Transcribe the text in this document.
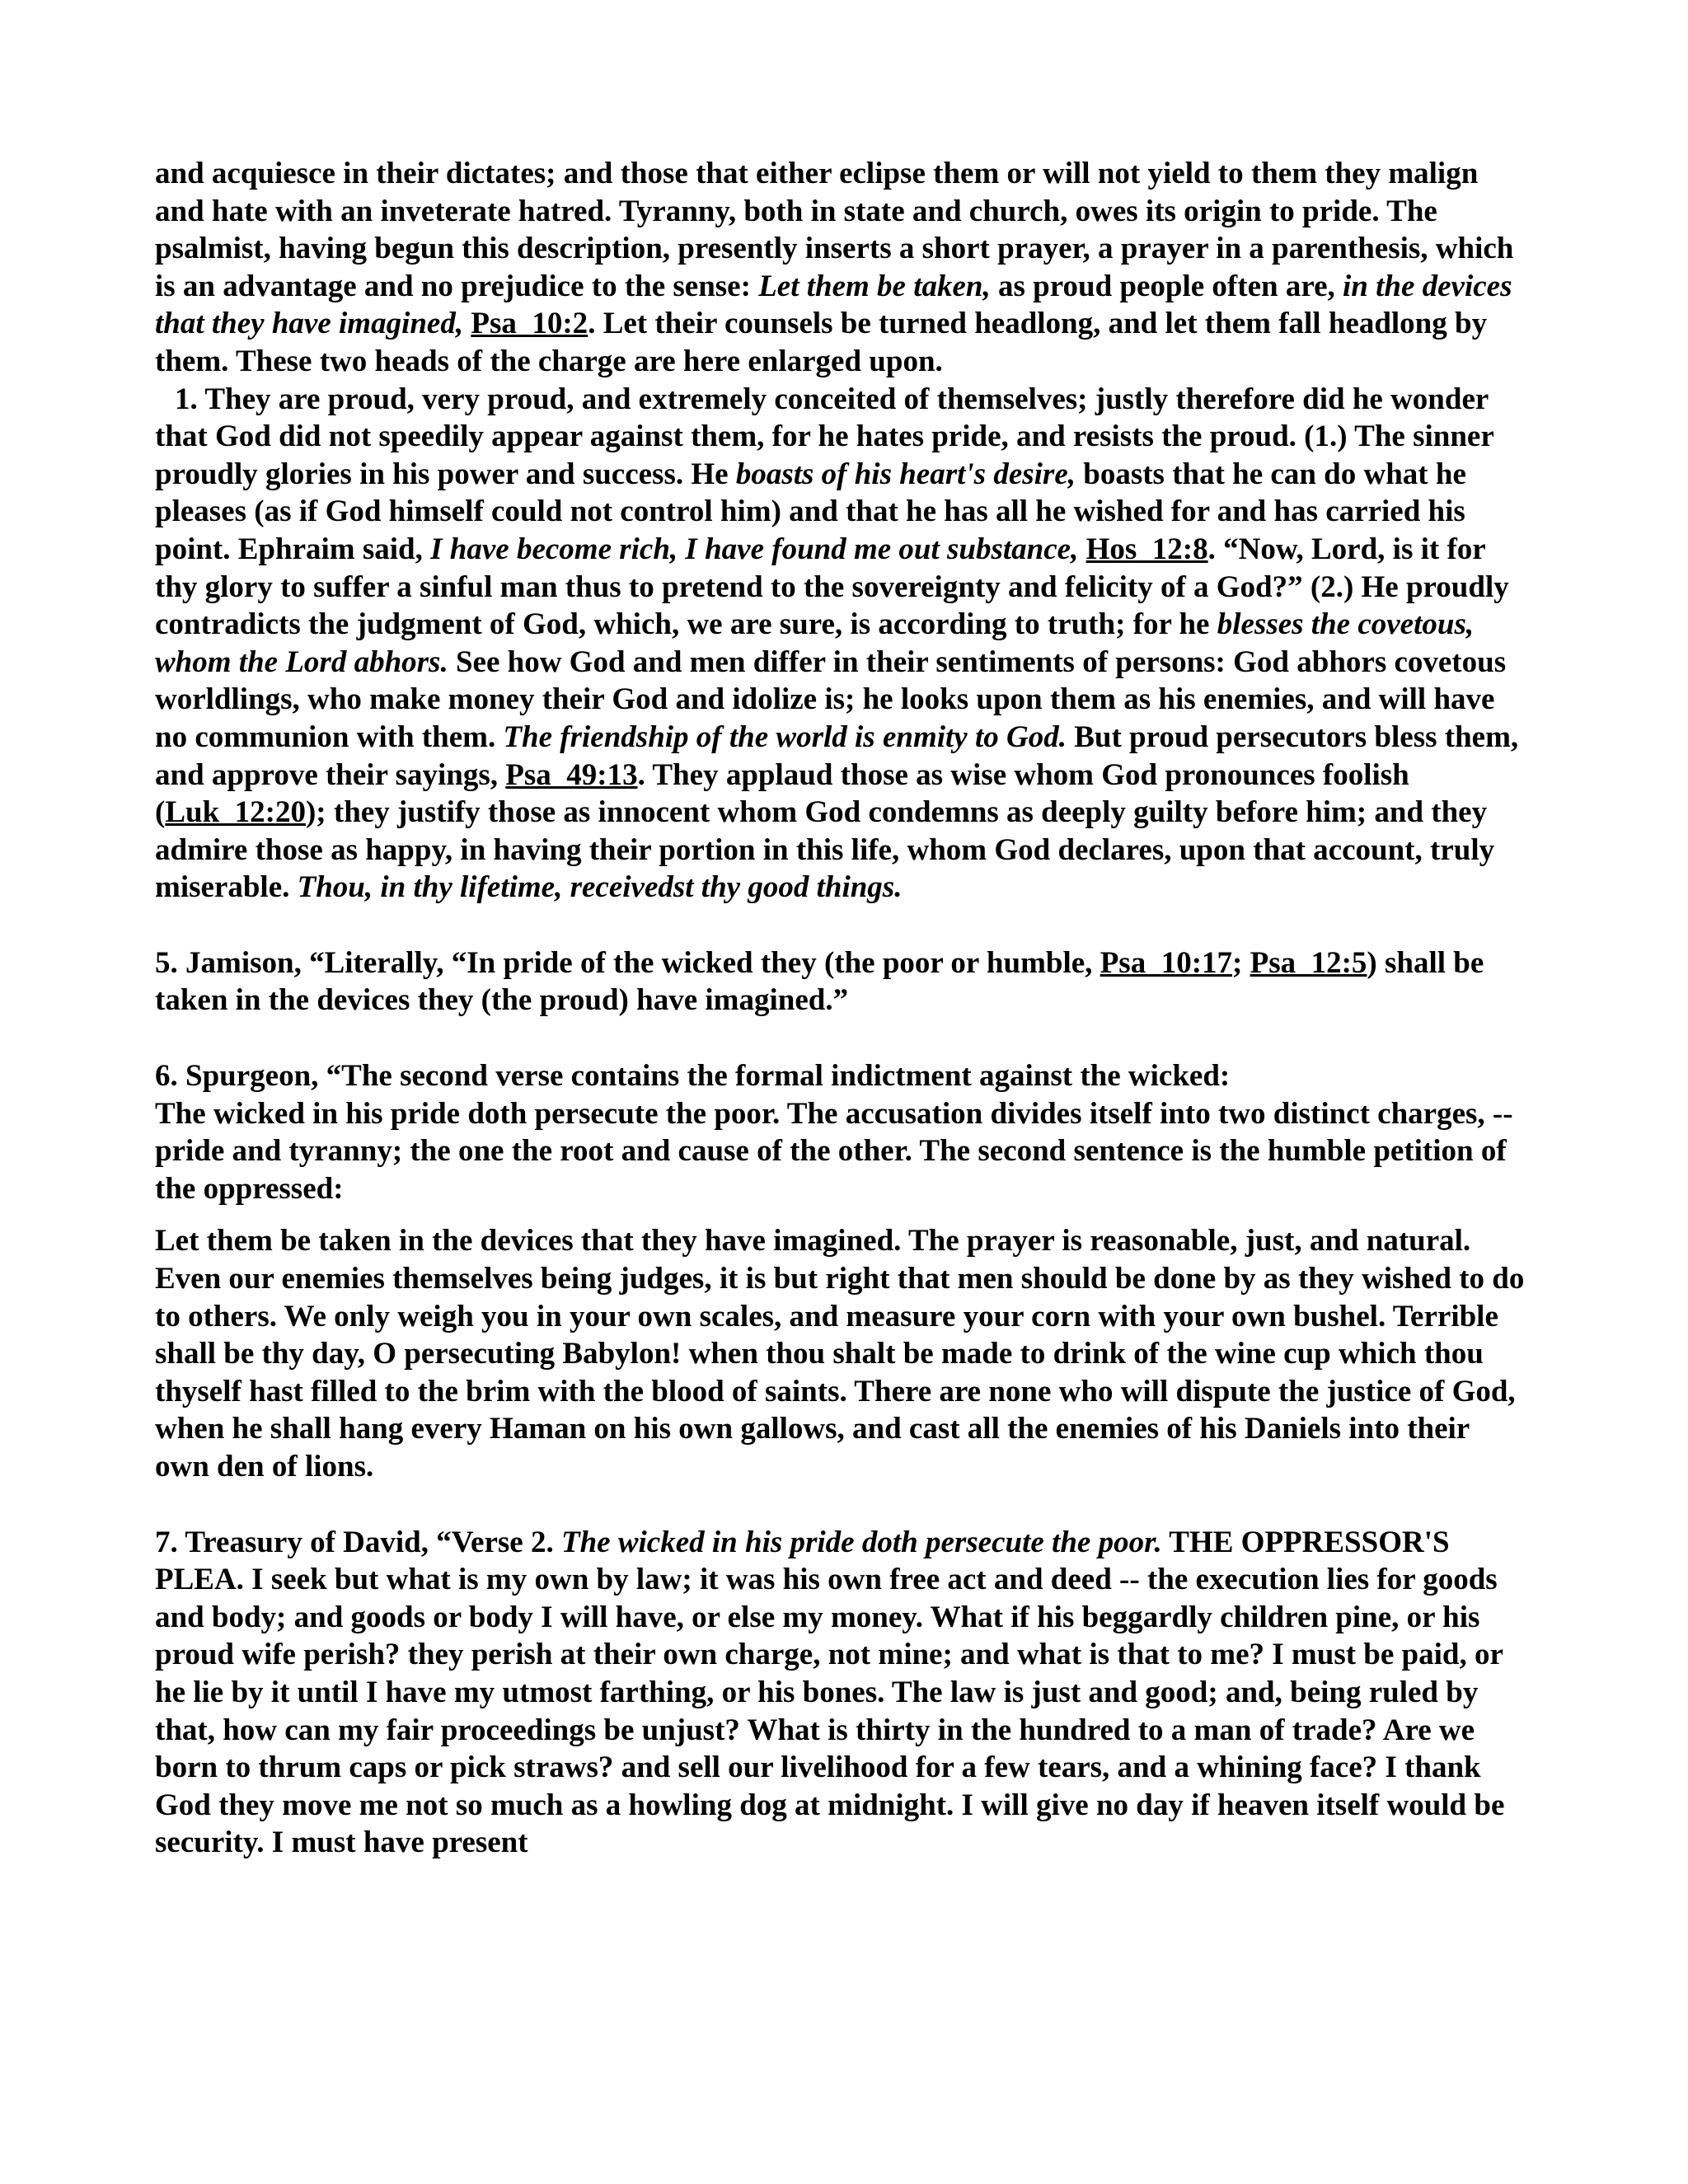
and acquiesce in their dictates; and those that either eclipse them or will not yield to them they malign and hate with an inveterate hatred. Tyranny, both in state and church, owes its origin to pride. The psalmist, having begun this description, presently inserts a short prayer, a prayer in a parenthesis, which is an advantage and no prejudice to the sense: Let them be taken, as proud people often are, in the devices that they have imagined, Psa_10:2. Let their counsels be turned headlong, and let them fall headlong by them. These two heads of the charge are here enlarged upon.

1. They are proud, very proud, and extremely conceited of themselves; justly therefore did he wonder that God did not speedily appear against them, for he hates pride, and resists the proud. (1.) The sinner proudly glories in his power and success. He boasts of his heart's desire, boasts that he can do what he pleases (as if God himself could not control him) and that he has all he wished for and has carried his point. Ephraim said, I have become rich, I have found me out substance, Hos_12:8. “Now, Lord, is it for thy glory to suffer a sinful man thus to pretend to the sovereignty and felicity of a God?” (2.) He proudly contradicts the judgment of God, which, we are sure, is according to truth; for he blesses the covetous, whom the Lord abhors. See how God and men differ in their sentiments of persons: God abhors covetous worldlings, who make money their God and idolize is; he looks upon them as his enemies, and will have no communion with them. The friendship of the world is enmity to God. But proud persecutors bless them, and approve their sayings, Psa_49:13. They applaud those as wise whom God pronounces foolish (Luk_12:20); they justify those as innocent whom God condemns as deeply guilty before him; and they admire those as happy, in having their portion in this life, whom God declares, upon that account, truly miserable. Thou, in thy lifetime, receivedst thy good things.

5. Jamison, “Literally, “In pride of the wicked they (the poor or humble, Psa_10:17; Psa_12:5) shall be taken in the devices they (the proud) have imagined.”

6. Spurgeon, “The second verse contains the formal indictment against the wicked:
The wicked in his pride doth persecute the poor. The accusation divides itself into two distinct charges, -- pride and tyranny; the one the root and cause of the other. The second sentence is the humble petition of the oppressed:

Let them be taken in the devices that they have imagined. The prayer is reasonable, just, and natural. Even our enemies themselves being judges, it is but right that men should be done by as they wished to do to others. We only weigh you in your own scales, and measure your corn with your own bushel. Terrible shall be thy day, O persecuting Babylon! when thou shalt be made to drink of the wine cup which thou thyself hast filled to the brim with the blood of saints. There are none who will dispute the justice of God, when he shall hang every Haman on his own gallows, and cast all the enemies of his Daniels into their own den of lions.

7. Treasury of David, “Verse 2. The wicked in his pride doth persecute the poor. THE OPPRESSOR'S PLEA. I seek but what is my own by law; it was his own free act and deed -- the execution lies for goods and body; and goods or body I will have, or else my money. What if his beggardly children pine, or his proud wife perish? they perish at their own charge, not mine; and what is that to me? I must be paid, or he lie by it until I have my utmost farthing, or his bones. The law is just and good; and, being ruled by that, how can my fair proceedings be unjust? What is thirty in the hundred to a man of trade? Are we born to thrum caps or pick straws? and sell our livelihood for a few tears, and a whining face? I thank God they move me not so much as a howling dog at midnight. I will give no day if heaven itself would be security. I must have present
